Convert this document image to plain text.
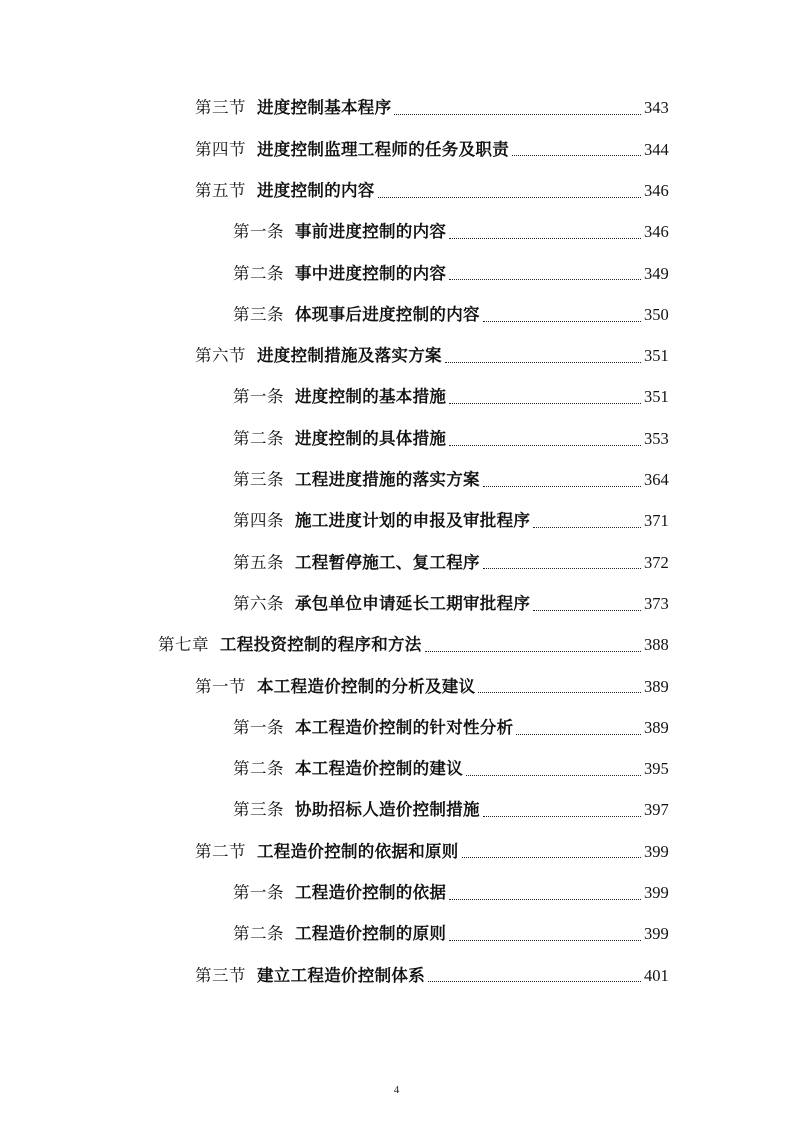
第三节 进度控制基本程序	343
第四节 进度控制监理工程师的任务及职责	344
第五节 进度控制的内容	346
第一条 事前进度控制的内容	346
第二条 事中进度控制的内容	349
第三条 体现事后进度控制的内容	350
第六节 进度控制措施及落实方案	351
第一条 进度控制的基本措施	351
第二条 进度控制的具体措施	353
第三条 工程进度措施的落实方案	364
第四条 施工进度计划的申报及审批程序	371
第五条 工程暂停施工、复工程序	372
第六条 承包单位申请延长工期审批程序	373
第七章 工程投资控制的程序和方法	388
第一节 本工程造价控制的分析及建议	389
第一条 本工程造价控制的针对性分析	389
第二条 本工程造价控制的建议	395
第三条 协助招标人造价控制措施	397
第二节 工程造价控制的依据和原则	399
第一条 工程造价控制的依据	399
第二条 工程造价控制的原则	399
第三节 建立工程造价控制体系	401
4
